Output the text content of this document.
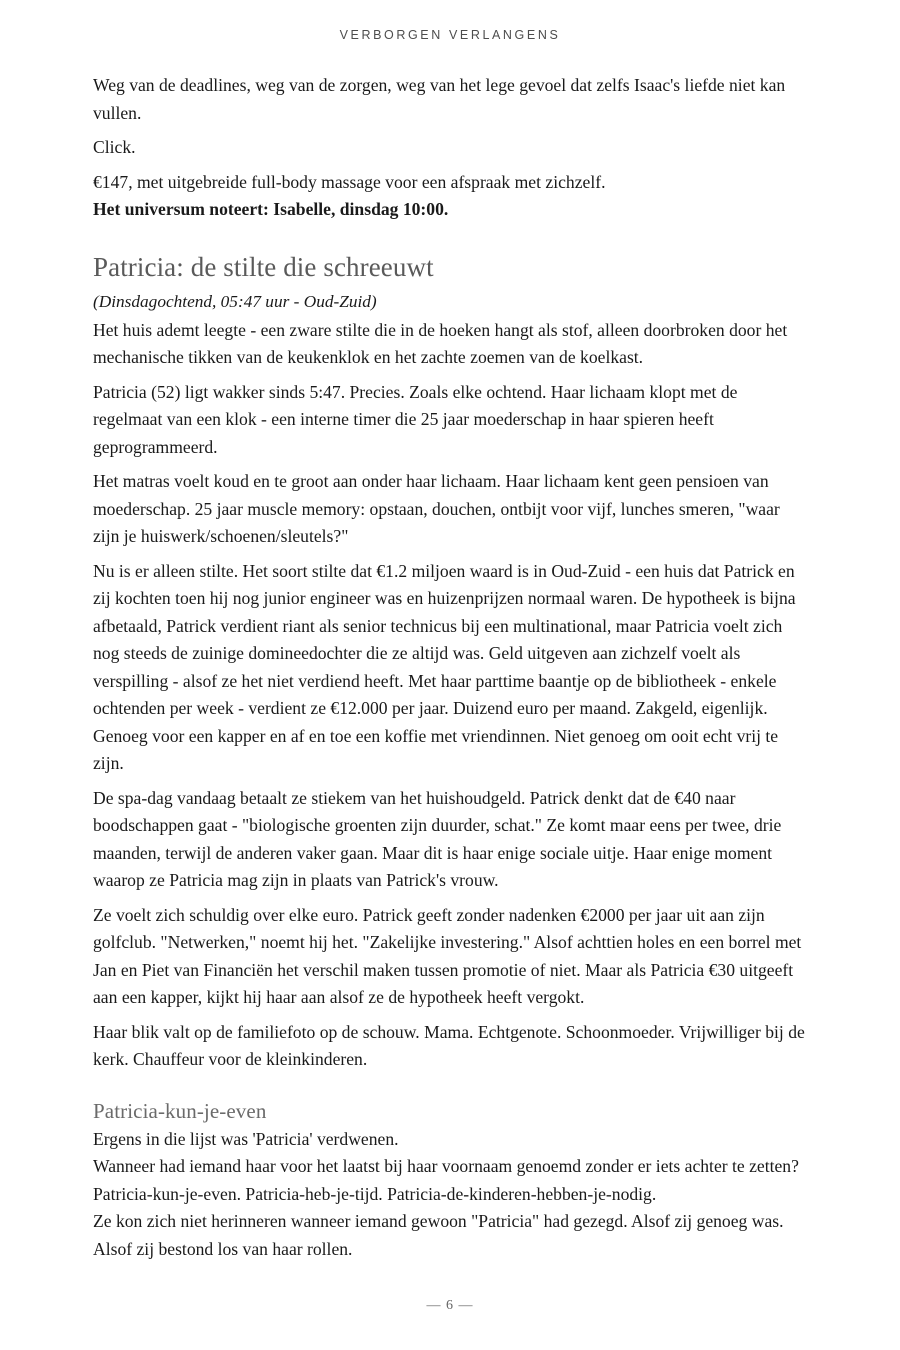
VERBORGEN VERLANGENS

Weg van de deadlines, weg van de zorgen, weg van het lege gevoel dat zelfs Isaac's liefde niet kan vullen.

Click.

€147, met uitgebreide full-body massage voor een afspraak met zichzelf.

Het universum noteert: Isabelle, dinsdag 10:00.

Patricia: de stilte die schreeuwt

(Dinsdagochtend, 05:47 uur - Oud-Zuid)

Het huis ademt leegte - een zware stilte die in de hoeken hangt als stof, alleen doorbroken door het mechanische tikken van de keukenklok en het zachte zoemen van de koelkast.

Patricia (52) ligt wakker sinds 5:47. Precies. Zoals elke ochtend. Haar lichaam klopt met de regelmaat van een klok - een interne timer die 25 jaar moederschap in haar spieren heeft geprogrammeerd.

Het matras voelt koud en te groot aan onder haar lichaam. Haar lichaam kent geen pensioen van moederschap. 25 jaar muscle memory: opstaan, douchen, ontbijt voor vijf, lunches smeren, "waar zijn je huiswerk/schoenen/sleutels?"

Nu is er alleen stilte. Het soort stilte dat €1.2 miljoen waard is in Oud-Zuid - een huis dat Patrick en zij kochten toen hij nog junior engineer was en huizenprijzen normaal waren. De hypotheek is bijna afbetaald, Patrick verdient riant als senior technicus bij een multinational, maar Patricia voelt zich nog steeds de zuinige domineedochter die ze altijd was. Geld uitgeven aan zichzelf voelt als verspilling - alsof ze het niet verdiend heeft. Met haar parttime baantje op de bibliotheek - enkele ochtenden per week - verdient ze €12.000 per jaar. Duizend euro per maand. Zakgeld, eigenlijk. Genoeg voor een kapper en af en toe een koffie met vriendinnen. Niet genoeg om ooit echt vrij te zijn.

De spa-dag vandaag betaalt ze stiekem van het huishoudgeld. Patrick denkt dat de €40 naar boodschappen gaat - "biologische groenten zijn duurder, schat." Ze komt maar eens per twee, drie maanden, terwijl de anderen vaker gaan. Maar dit is haar enige sociale uitje. Haar enige moment waarop ze Patricia mag zijn in plaats van Patrick's vrouw.

Ze voelt zich schuldig over elke euro. Patrick geeft zonder nadenken €2000 per jaar uit aan zijn golfclub. "Netwerken," noemt hij het. "Zakelijke investering." Alsof achttien holes en een borrel met Jan en Piet van Financiën het verschil maken tussen promotie of niet. Maar als Patricia €30 uitgeeft aan een kapper, kijkt hij haar aan alsof ze de hypotheek heeft vergokt.

Haar blik valt op de familiefoto op de schouw. Mama. Echtgenote. Schoonmoeder. Vrijwilliger bij de kerk. Chauffeur voor de kleinkinderen.

Patricia-kun-je-even

Ergens in die lijst was 'Patricia' verdwenen.

Wanneer had iemand haar voor het laatst bij haar voornaam genoemd zonder er iets achter te zetten? Patricia-kun-je-even. Patricia-heb-je-tijd. Patricia-de-kinderen-hebben-je-nodig.

Ze kon zich niet herinneren wanneer iemand gewoon "Patricia" had gezegd. Alsof zij genoeg was. Alsof zij bestond los van haar rollen.

— 6 —
